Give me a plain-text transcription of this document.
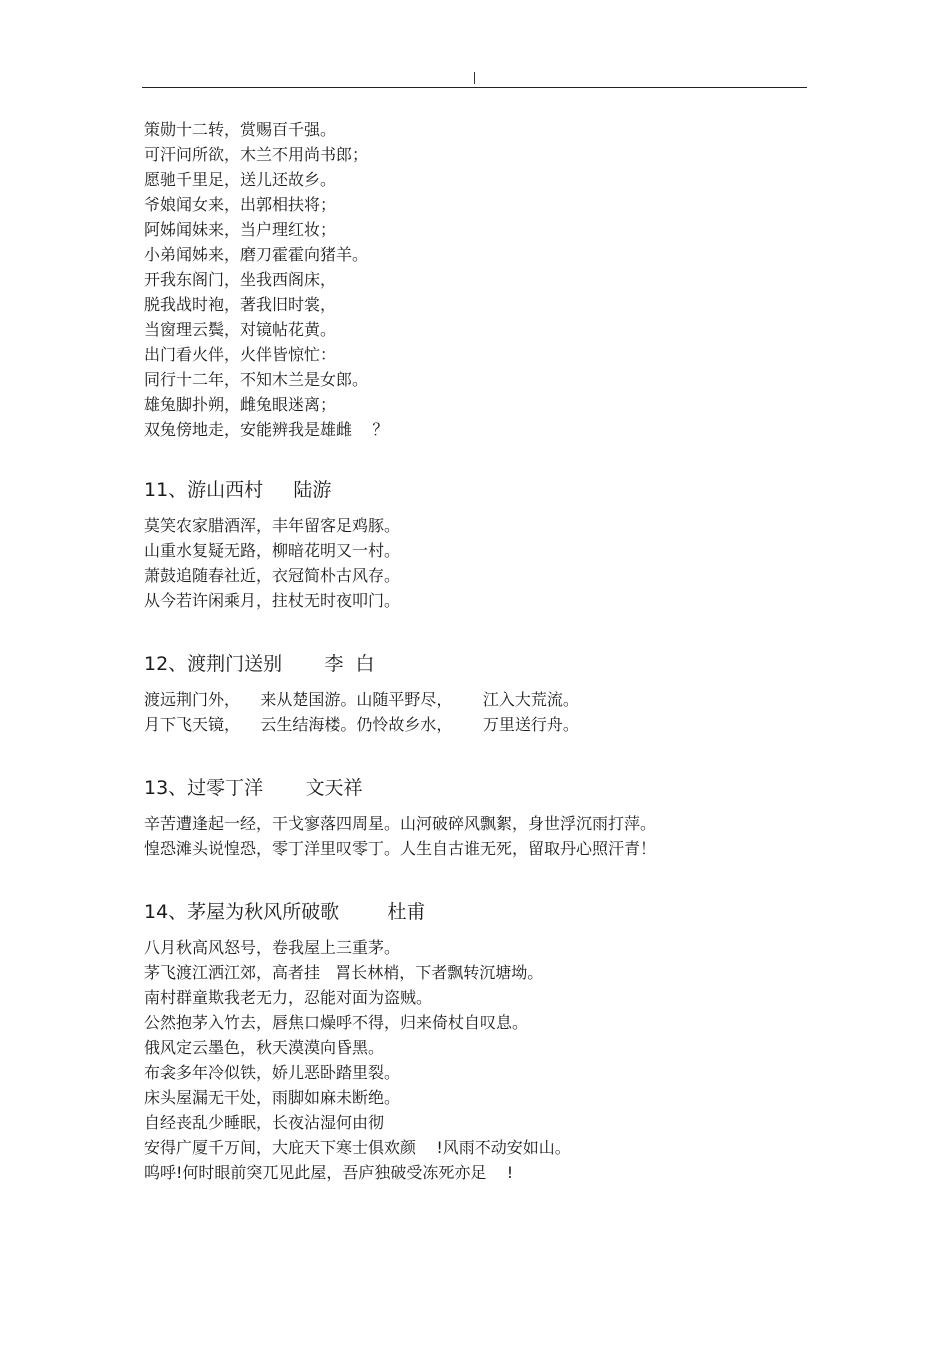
策勋十二转，赏赐百千强。
可汗问所欲，木兰不用尚书郎；
愿驰千里足，送儿还故乡。
爷娘闻女来，出郭相扶将；
阿姊闻妹来，当户理红妆；
小弟闻姊来，磨刀霍霍向猪羊。
开我东阁门，坐我西阁床，
脱我战时袍，著我旧时裳，
当窗理云鬓，对镜帖花黄。
出门看火伴，火伴皆惊忙：
同行十二年，不知木兰是女郎。
雄兔脚扑朔，雌兔眼迷离；
双兔傍地走，安能辨我是雄雌    ？
11、游山西村     陆游
莫笑农家腊酒浑，丰年留客足鸡豚。
山重水复疑无路，柳暗花明又一村。
萧鼓追随春社近，衣冠简朴古风存。
从今若许闲乘月，拄杖无时夜叩门。
12、渡荆门送别       李  白
渡远荆门外，    来从楚国游。山随平野尽，      江入大荒流。
月下飞天镜，    云生结海楼。仍怜故乡水，      万里送行舟。
13、过零丁洋       文天祥
辛苦遭逢起一经，干戈寥落四周星。山河破碎风飘絮，身世浮沉雨打萍。
惶恐滩头说惶恐，零丁洋里叹零丁。人生自古谁无死，留取丹心照汗青！
14、茅屋为秋风所破歌        杜甫
八月秋高风怒号，卷我屋上三重茅。
茅飞渡江洒江郊，高者挂   罥长林梢，下者飘转沉塘坳。
南村群童欺我老无力，忍能对面为盗贼。
公然抱茅入竹去，唇焦口燥呼不得，归来倚杖自叹息。
俄风定云墨色，秋天漠漠向昏黑。
布衾多年冷似铁，娇儿恶卧踏里裂。
床头屋漏无干处，雨脚如麻未断绝。
自经丧乱少睡眠，长夜沾湿何由彻
安得广厦千万间，大庇天下寒士俱欢颜    !风雨不动安如山。
呜呼!何时眼前突兀见此屋，吾庐独破受冻死亦足    !
